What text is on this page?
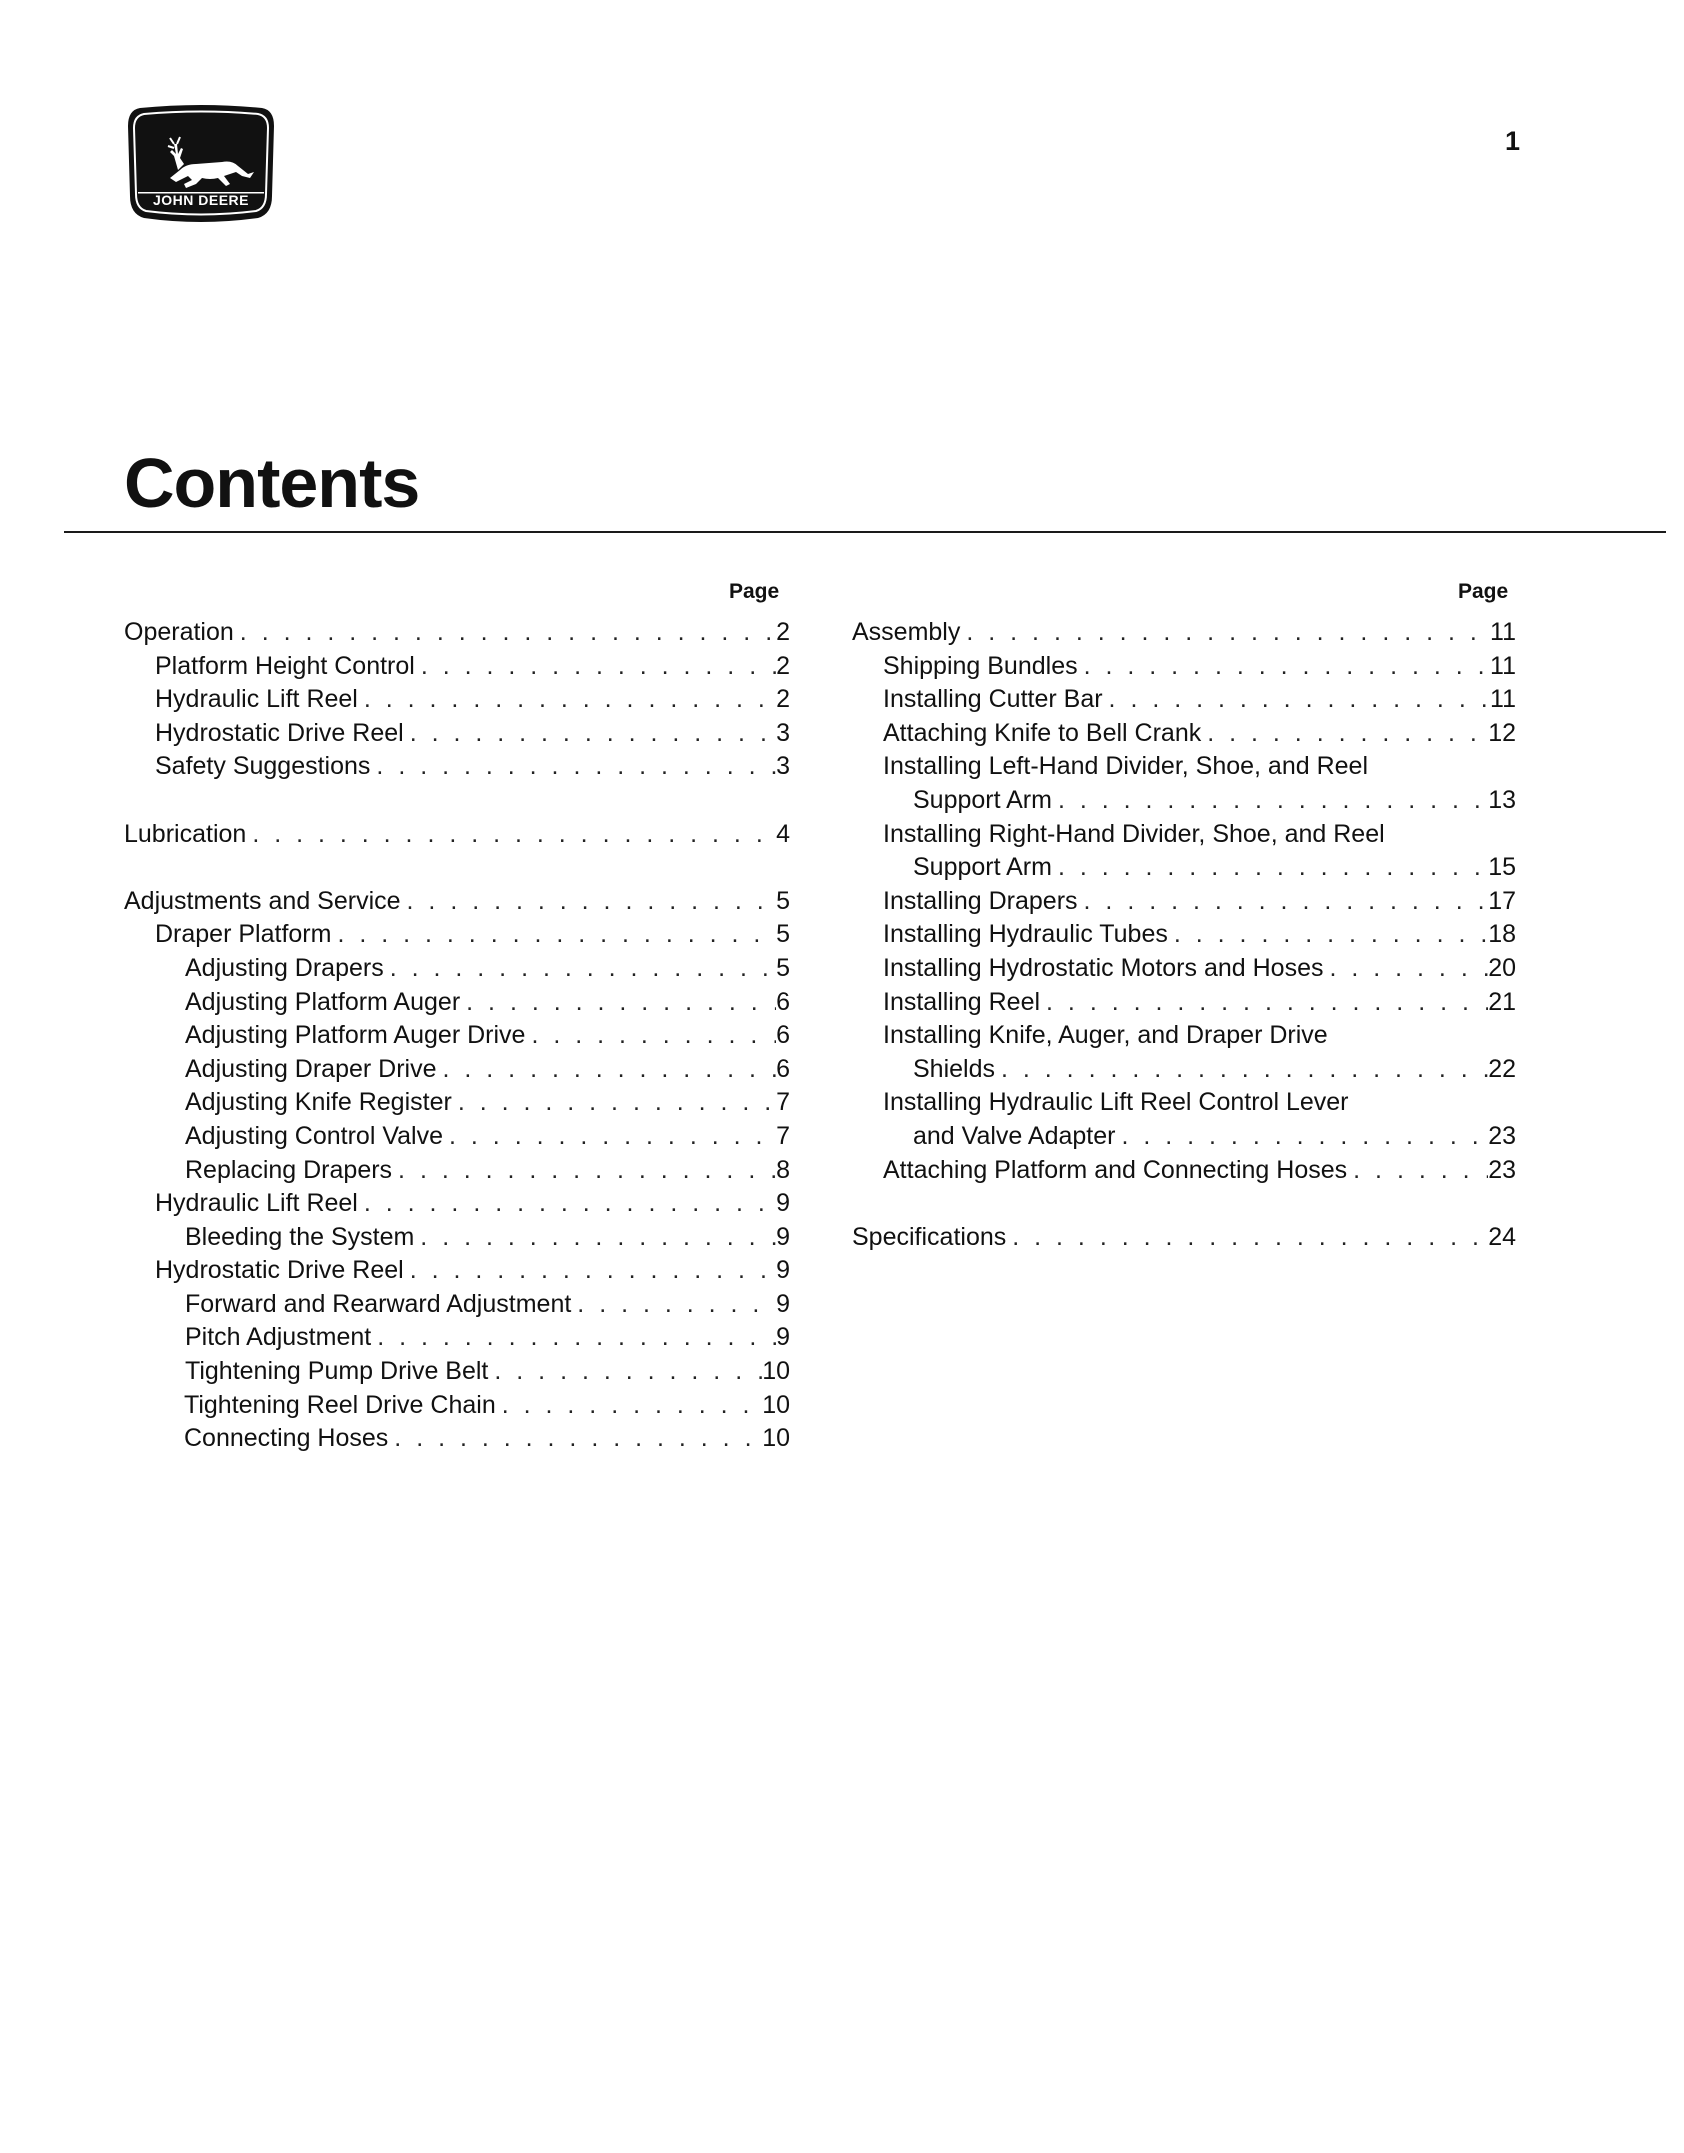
JOHN DEERE
1
Contents
Page
Operation . . .	2
Platform Height Control . . .	2
Hydraulic Lift Reel . . .	2
Hydrostatic Drive Reel . . .	3
Safety Suggestions . . .	3
Lubrication . . .	4
Adjustments and Service . . .	5
Draper Platform . . .	5
Adjusting Drapers . . .	5
Adjusting Platform Auger . . .	6
Adjusting Platform Auger Drive . . .	6
Adjusting Draper Drive . . .	6
Adjusting Knife Register . . .	7
Adjusting Control Valve . . .	7
Replacing Drapers . . .	8
Hydraulic Lift Reel . . .	9
Bleeding the System . . .	9
Hydrostatic Drive Reel . . .	9
Forward and Rearward Adjustment . . .	9
Pitch Adjustment . . .	9
Tightening Pump Drive Belt . . .	10
Tightening Reel Drive Chain . . .	10
Connecting Hoses . . .	10
Page
Assembly . . .	11
Shipping Bundles . . .	11
Installing Cutter Bar . . .	11
Attaching Knife to Bell Crank . . .	12
Installing Left-Hand Divider, Shoe, and Reel
Support Arm . . .	13
Installing Right-Hand Divider, Shoe, and Reel
Support Arm . . .	15
Installing Drapers . . .	17
Installing Hydraulic Tubes . . .	18
Installing Hydrostatic Motors and Hoses . . .	20
Installing Reel . . .	21
Installing Knife, Auger, and Draper Drive
Shields . . .	22
Installing Hydraulic Lift Reel Control Lever
and Valve Adapter . . .	23
Attaching Platform and Connecting Hoses . . .	23
Specifications . . .	24
